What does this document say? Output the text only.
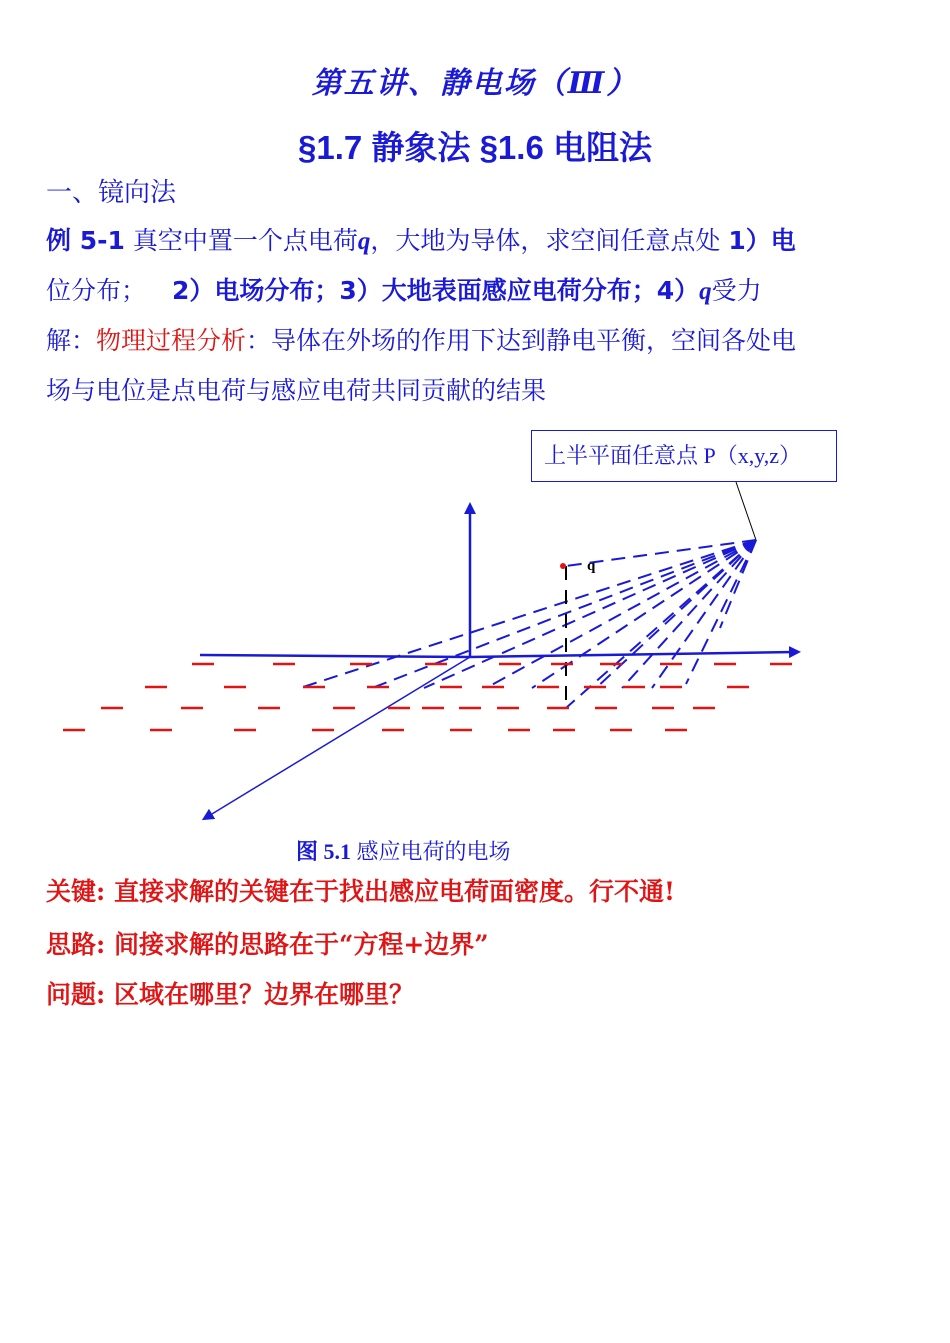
第五讲、静电场（Ⅲ）
§1.7 静象法 §1.6 电阻法
一、镜向法
例 5-1 真空中置一个点电荷q，大地为导体，求空间任意点处 1）电
位分布； 2）电场分布；3）大地表面感应电荷分布；4）q受力
解：物理过程分析：导体在外场的作用下达到静电平衡，空间各处电
场与电位是点电荷与感应电荷共同贡献的结果
上半平面任意点 P（x,y,z）
q
图 5.1 感应电荷的电场
关键: 直接求解的关键在于找出感应电荷面密度。行不通!
思路: 间接求解的思路在于“方程+边界”
问题: 区域在哪里？边界在哪里？
